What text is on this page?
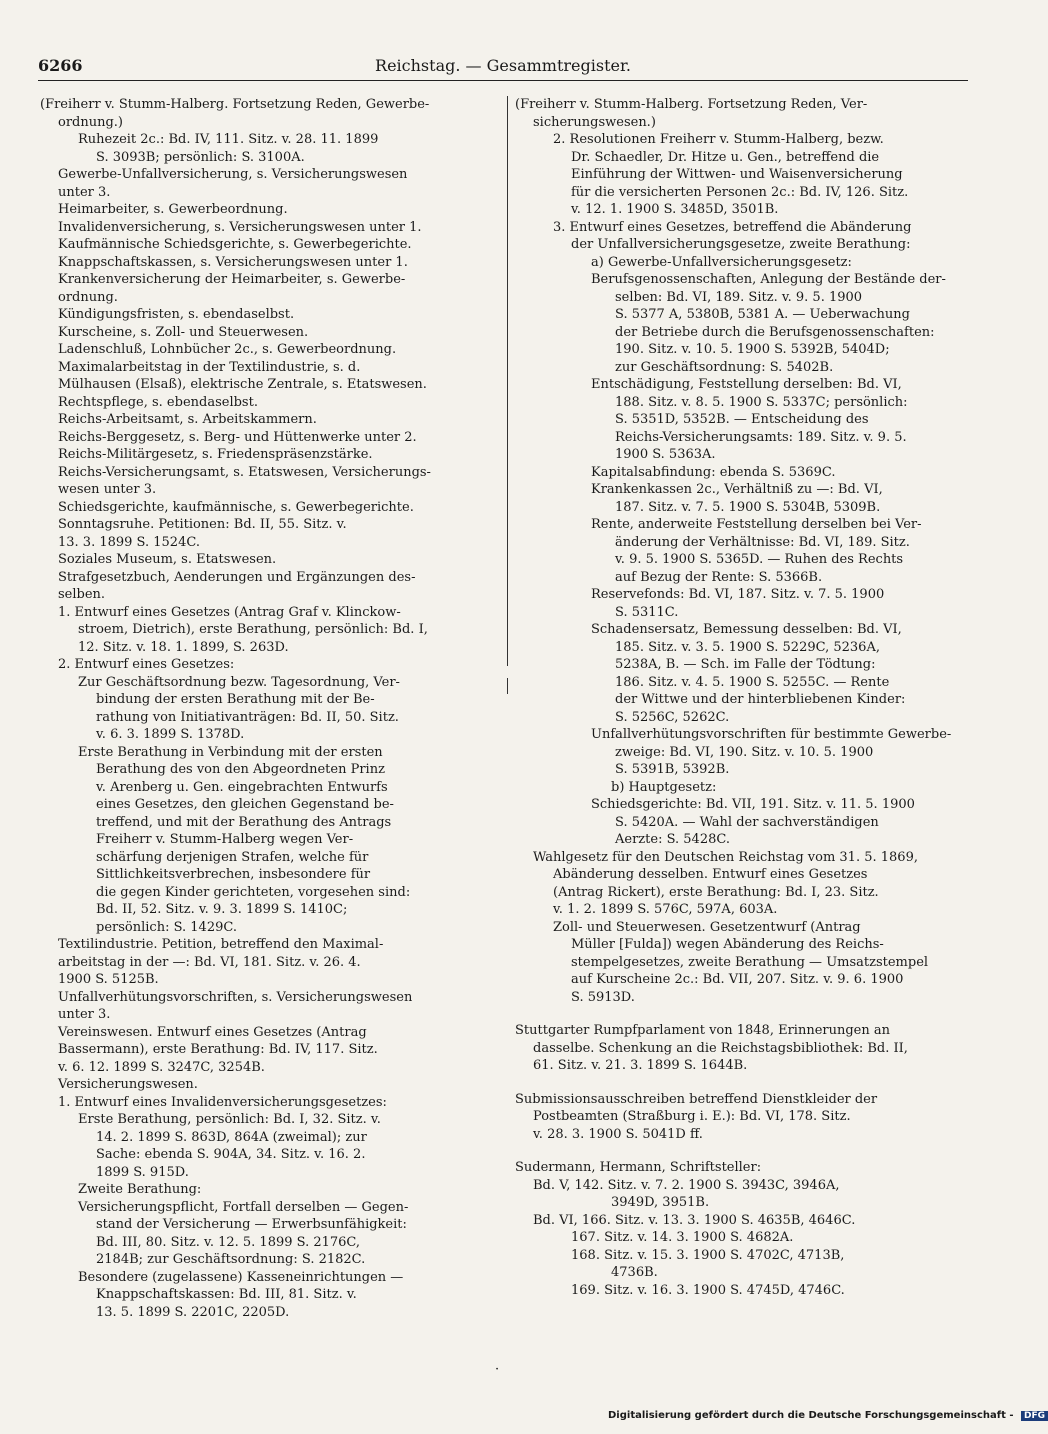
6266	Reichstag. — Gesammtregister.
(Freiherr v. Stumm-Halberg. Fortsetzung Reden, Gewerbe-
ordnung.)
Ruhezeit 2c.: Bd. IV, 111. Sitz. v. 28. 11. 1899
S. 3093B; persönlich: S. 3100A.
Gewerbe-Unfallversicherung, s. Versicherungswesen
unter 3.
Heimarbeiter, s. Gewerbeordnung.
Invalidenversicherung, s. Versicherungswesen unter 1.
Kaufmännische Schiedsgerichte, s. Gewerbegerichte.
Knappschaftskassen, s. Versicherungswesen unter 1.
Krankenversicherung der Heimarbeiter, s. Gewerbe-
ordnung.
Kündigungsfristen, s. ebendaselbst.
Kurscheine, s. Zoll- und Steuerwesen.
Ladenschluß, Lohnbücher 2c., s. Gewerbeordnung.
Maximalarbeitstag in der Textilindustrie, s. d.
Mülhausen (Elsaß), elektrische Zentrale, s. Etatswesen.
Rechtspflege, s. ebendaselbst.
Reichs-Arbeitsamt, s. Arbeitskammern.
Reichs-Berggesetz, s. Berg- und Hüttenwerke unter 2.
Reichs-Militärgesetz, s. Friedenspräsenzstärke.
Reichs-Versicherungsamt, s. Etatswesen, Versicherungs-
wesen unter 3.
Schiedsgerichte, kaufmännische, s. Gewerbegerichte.
Sonntagsruhe. Petitionen: Bd. II, 55. Sitz. v.
13. 3. 1899 S. 1524C.
Soziales Museum, s. Etatswesen.
Strafgesetzbuch, Aenderungen und Ergänzungen des-
selben.
1. Entwurf eines Gesetzes (Antrag Graf v. Klinckow-
stroem, Dietrich), erste Berathung, persönlich: Bd. I,
12. Sitz. v. 18. 1. 1899, S. 263D.
2. Entwurf eines Gesetzes:
Zur Geschäftsordnung bezw. Tagesordnung, Ver-
bindung der ersten Berathung mit der Be-
rathung von Initiativanträgen: Bd. II, 50. Sitz.
v. 6. 3. 1899 S. 1378D.
Erste Berathung in Verbindung mit der ersten
Berathung des von den Abgeordneten Prinz
v. Arenberg u. Gen. eingebrachten Entwurfs
eines Gesetzes, den gleichen Gegenstand be-
treffend, und mit der Berathung des Antrags
Freiherr v. Stumm-Halberg wegen Ver-
schärfung derjenigen Strafen, welche für
Sittlichkeitsverbrechen, insbesondere für
die gegen Kinder gerichteten, vorgesehen sind:
Bd. II, 52. Sitz. v. 9. 3. 1899 S. 1410C;
persönlich: S. 1429C.
Textilindustrie. Petition, betreffend den Maximal-
arbeitstag in der —: Bd. VI, 181. Sitz. v. 26. 4.
1900 S. 5125B.
Unfallverhütungsvorschriften, s. Versicherungswesen
unter 3.
Vereinswesen. Entwurf eines Gesetzes (Antrag
Bassermann), erste Berathung: Bd. IV, 117. Sitz.
v. 6. 12. 1899 S. 3247C, 3254B.
Versicherungswesen.
1. Entwurf eines Invalidenversicherungsgesetzes:
Erste Berathung, persönlich: Bd. I, 32. Sitz. v.
14. 2. 1899 S. 863D, 864A (zweimal); zur
Sache: ebenda S. 904A, 34. Sitz. v. 16. 2.
1899 S. 915D.
Zweite Berathung:
Versicherungspflicht, Fortfall derselben — Gegen-
stand der Versicherung — Erwerbsunfähigkeit:
Bd. III, 80. Sitz. v. 12. 5. 1899 S. 2176C,
2184B; zur Geschäftsordnung: S. 2182C.
Besondere (zugelassene) Kasseneinrichtungen —
Knappschaftskassen: Bd. III, 81. Sitz. v.
13. 5. 1899 S. 2201C, 2205D.
(Freiherr v. Stumm-Halberg. Fortsetzung Reden, Ver-
sicherungswesen.)
2. Resolutionen Freiherr v. Stumm-Halberg, bezw.
Dr. Schaedler, Dr. Hitze u. Gen., betreffend die
Einführung der Wittwen- und Waisenversicherung
für die versicherten Personen 2c.: Bd. IV, 126. Sitz.
v. 12. 1. 1900 S. 3485D, 3501B.
3. Entwurf eines Gesetzes, betreffend die Abänderung
der Unfallversicherungsgesetze, zweite Berathung:
a) Gewerbe-Unfallversicherungsgesetz:
Berufsgenossenschaften, Anlegung der Bestände der-
selben: Bd. VI, 189. Sitz. v. 9. 5. 1900
S. 5377 A, 5380B, 5381 A. — Ueberwachung
der Betriebe durch die Berufsgenossenschaften:
190. Sitz. v. 10. 5. 1900 S. 5392B, 5404D;
zur Geschäftsordnung: S. 5402B.
Entschädigung, Feststellung derselben: Bd. VI,
188. Sitz. v. 8. 5. 1900 S. 5337C; persönlich:
S. 5351D, 5352B. — Entscheidung des
Reichs-Versicherungsamts: 189. Sitz. v. 9. 5.
1900 S. 5363A.
Kapitalsabfindung: ebenda S. 5369C.
Krankenkassen 2c., Verhältniß zu —: Bd. VI,
187. Sitz. v. 7. 5. 1900 S. 5304B, 5309B.
Rente, anderweite Feststellung derselben bei Ver-
änderung der Verhältnisse: Bd. VI, 189. Sitz.
v. 9. 5. 1900 S. 5365D. — Ruhen des Rechts
auf Bezug der Rente: S. 5366B.
Reservefonds: Bd. VI, 187. Sitz. v. 7. 5. 1900
S. 5311C.
Schadensersatz, Bemessung desselben: Bd. VI,
185. Sitz. v. 3. 5. 1900 S. 5229C, 5236A,
5238A, B. — Sch. im Falle der Tödtung:
186. Sitz. v. 4. 5. 1900 S. 5255C. — Rente
der Wittwe und der hinterbliebenen Kinder:
S. 5256C, 5262C.
Unfallverhütungsvorschriften für bestimmte Gewerbe-
zweige: Bd. VI, 190. Sitz. v. 10. 5. 1900
S. 5391B, 5392B.
b) Hauptgesetz:
Schiedsgerichte: Bd. VII, 191. Sitz. v. 11. 5. 1900
S. 5420A. — Wahl der sachverständigen
Aerzte: S. 5428C.
Wahlgesetz für den Deutschen Reichstag vom 31. 5. 1869,
Abänderung desselben. Entwurf eines Gesetzes
(Antrag Rickert), erste Berathung: Bd. I, 23. Sitz.
v. 1. 2. 1899 S. 576C, 597A, 603A.
Zoll- und Steuerwesen. Gesetzentwurf (Antrag
Müller [Fulda]) wegen Abänderung des Reichs-
stempelgesetzes, zweite Berathung — Umsatzstempel
auf Kurscheine 2c.: Bd. VII, 207. Sitz. v. 9. 6. 1900
S. 5913D.
Stuttgarter Rumpfparlament von 1848, Erinnerungen an
dasselbe. Schenkung an die Reichstagsbibliothek: Bd. II,
61. Sitz. v. 21. 3. 1899 S. 1644B.
Submissionsausschreiben betreffend Dienstkleider der
Postbeamten (Straßburg i. E.): Bd. VI, 178. Sitz.
v. 28. 3. 1900 S. 5041D ff.
Sudermann, Hermann, Schriftsteller:
Bd. V, 142. Sitz. v. 7. 2. 1900 S. 3943C, 3946A,
3949D, 3951B.
Bd. VI, 166. Sitz. v. 13. 3. 1900 S. 4635B, 4646C.
167. Sitz. v. 14. 3. 1900 S. 4682A.
168. Sitz. v. 15. 3. 1900 S. 4702C, 4713B,
4736B.
169. Sitz. v. 16. 3. 1900 S. 4745D, 4746C.
·
Digitalisierung gefördert durch die Deutsche Forschungsgemeinschaft - DFG
